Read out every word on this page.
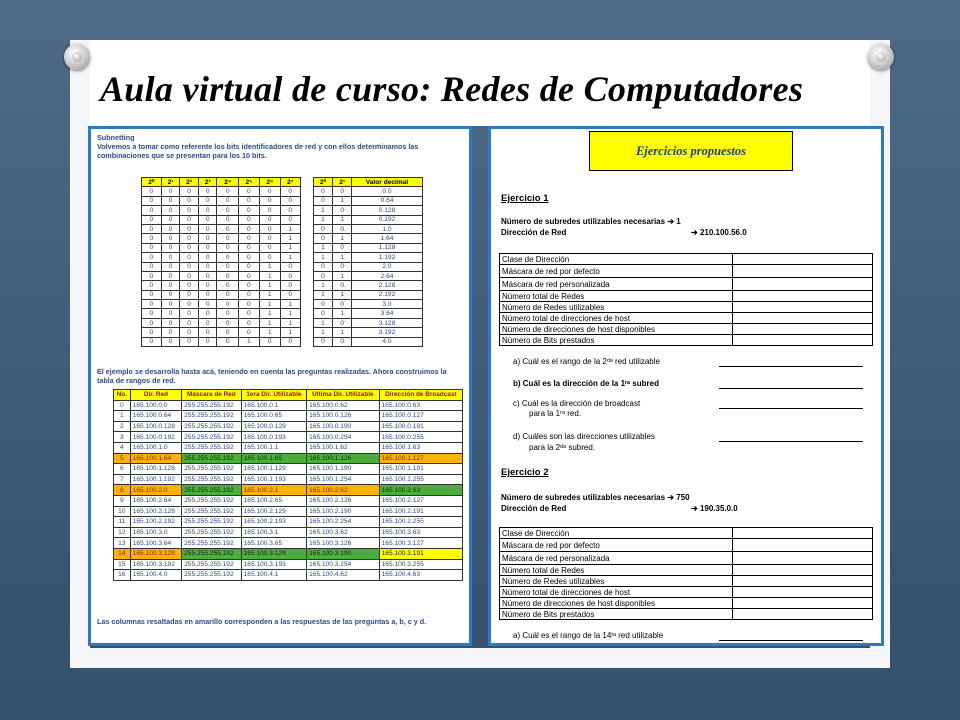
Aula virtual de curso: Redes de Computadores
Subnetting
Volvemos a tomar como referente los bits identificadores de red y con ellos determinamos las combinaciones que se presentan para los 10 bits.
2⁰	2¹	2²	2³	2⁴	2⁵	2⁶	2⁷		2⁰	2¹	Valor decimal
0	0	0	0	0	0	0	0		0	0	0.0
0	0	0	0	0	0	0	0		0	1	0.64
0	0	0	0	0	0	0	0		1	0	0.128
0	0	0	0	0	0	0	0		1	1	0.192
0	0	0	0	0	0	0	1		0	0	1.0
0	0	0	0	0	0	0	1		0	1	1.64
0	0	0	0	0	0	0	1		1	0	1.128
0	0	0	0	0	0	0	1		1	1	1.192
0	0	0	0	0	0	1	0		0	0	2.0
0	0	0	0	0	0	1	0		0	1	2.64
0	0	0	0	0	0	1	0		1	0	2.128
0	0	0	0	0	0	1	0		1	1	2.192
0	0	0	0	0	0	1	1		0	0	3.0
0	0	0	0	0	0	1	1		0	1	3.64
0	0	0	0	0	0	1	1		1	0	3.128
0	0	0	0	0	0	1	1		1	1	3.192
0	0	0	0	0	1	0	0		0	0	4.0
El ejemplo se desarrolla hasta acá, teniendo en cuenta las preguntas realizadas. Ahora construimos la tabla de rangos de red.
No.	Dir. Red	Máscara de Red	1era Dir. Utilizable	Ultima Dir. Utilizable	Dirección de Broadcast
0	165.100.0.0	255.255.255.192	165.100.0.1	165.100.0.62	165.100.0.63
1	165.100.0.64	255.255.255.192	165.100.0.65	165.100.0.126	165.100.0.127
2	165.100.0.128	255.255.255.192	165.100.0.129	165.100.0.190	165.100.0.191
3	165.100.0.192	255.255.255.192	165.100.0.193	165.100.0.254	165.100.0.255
4	165.100.1.0	255.255.255.192	165.100.1.1	165.100.1.62	165.100.1.63
5	165.100.1.64	255.255.255.192	165.100.1.65	165.100.1.126	165.100.1.127
6	165.100.1.128	255.255.255.192	165.100.1.129	165.100.1.190	165.100.1.191
7	165.100.1.192	255.255.255.192	165.100.1.193	165.100.1.254	165.100.1.255
8	165.100.2.0	255.255.255.192	165.100.2.1	165.100.2.62	165.100.2.63
9	165.100.2.64	255.255.255.192	165.100.2.65	165.100.2.126	165.100.2.127
10	165.100.2.128	255.255.255.192	165.100.2.129	165.100.2.190	165.100.2.191
11	165.100.2.192	255.255.255.192	165.100.2.193	165.100.2.254	165.100.2.255
12	165.100.3.0	255.255.255.192	165.100.3.1	165.100.3.62	165.100.3.63
13	165.100.3.64	255.255.255.192	165.100.3.65	165.100.3.126	165.100.3.127
14	165.100.3.128	255.255.255.192	165.100.3.129	165.100.3.190	165.100.3.191
15	165.100.3.192	255.255.255.192	165.100.3.193	165.100.3.254	165.100.3.255
16	165.100.4.0	255.255.255.192	165.100.4.1	165.100.4.62	165.100.4.63
Las columnas resaltadas en amarillo corresponden a las respuestas de las preguntas a, b, c y d.
Ejercicios propuestos
Ejercicio 1
Número de subredes utilizables necesarias ➔ 1
Dirección de Red	➔ 210.100.56.0
Clase de Dirección	
Máscara de red por defecto	
Máscara de red personalizada	
Número total de Redes	
Número de Redes utilizables	
Número total de direcciones de host	
Número de direcciones de host disponibles	
Número de Bits prestados	
a) Cuál es el rango de la 2ᵈᵃ red utilizable
b) Cuál es la dirección de la 1ʳᵃ subred
c) Cuál es la dirección de broadcast
para la 1ʳᵃ red.
d) Cuáles son las direcciones utilizables
para la 2ᵈᵃ subred.
Ejercicio 2
Número de subredes utilizables necesarias ➔ 750
Dirección de Red	➔ 190.35.0.0
Clase de Dirección	
Máscara de red por defecto	
Máscara de red personalizada	
Número total de Redes	
Número de Redes utilizables	
Número total de direcciones de host	
Número de direcciones de host disponibles	
Número de Bits prestados	
a) Cuál es el rango de la 14ᵗᵃ red utilizable
